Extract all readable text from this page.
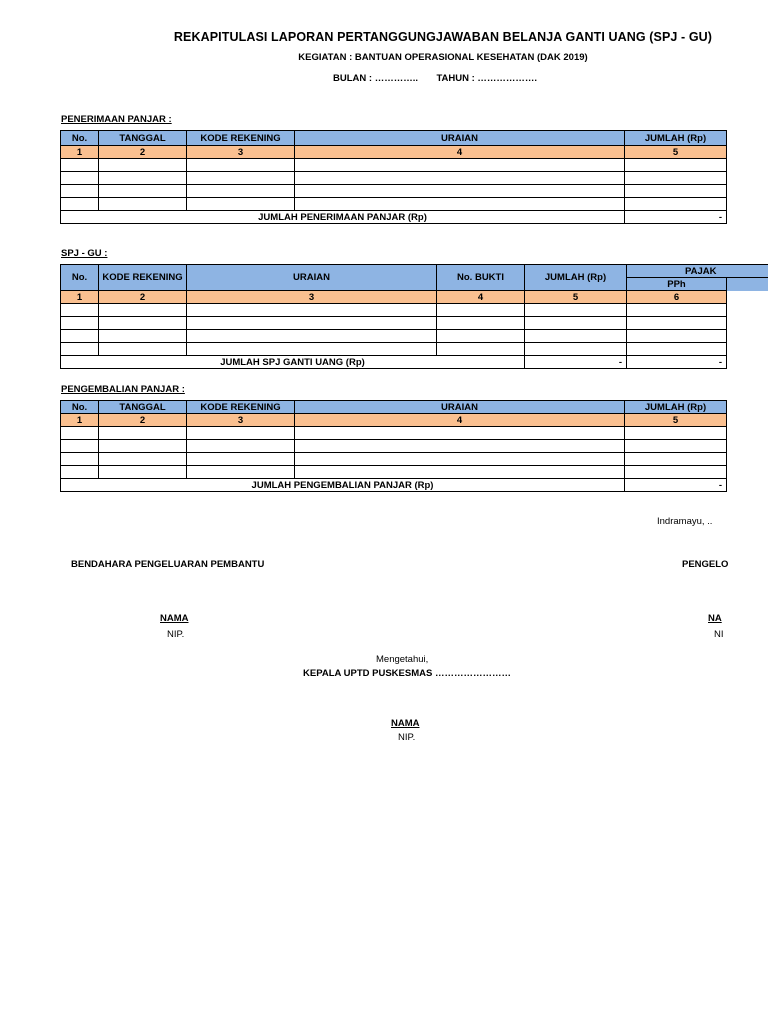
REKAPITULASI LAPORAN PERTANGGUNGJAWABAN BELANJA GANTI UANG (SPJ - GU)
KEGIATAN : BANTUAN OPERASIONAL KESEHATAN (DAK 2019)
BULAN : …………..       TAHUN : ……………….
PENERIMAAN PANJAR :
No.	TANGGAL	KODE REKENING	URAIAN	JUMLAH (Rp)
1	2	3	4	5

JUMLAH PENERIMAAN PANJAR (Rp)				-
SPJ - GU :
No.	KODE REKENING	URAIAN	No. BUKTI	JUMLAH (Rp)	PAJAK	
					PPh	
1	2	3	4	5	6	

JUMLAH SPJ GANTI UANG (Rp)				-	-	
PENGEMBALIAN PANJAR :
No.	TANGGAL	KODE REKENING	URAIAN	JUMLAH (Rp)
1	2	3	4	5

JUMLAH PENGEMBALIAN PANJAR (Rp)				-
Indramayu, ..
BENDAHARA PENGELUARAN PEMBANTU	PENGELO
NAMA
NIP.
NA
NI
Mengetahui,
KEPALA UPTD PUSKESMAS ……………………
NAMA
NIP.
